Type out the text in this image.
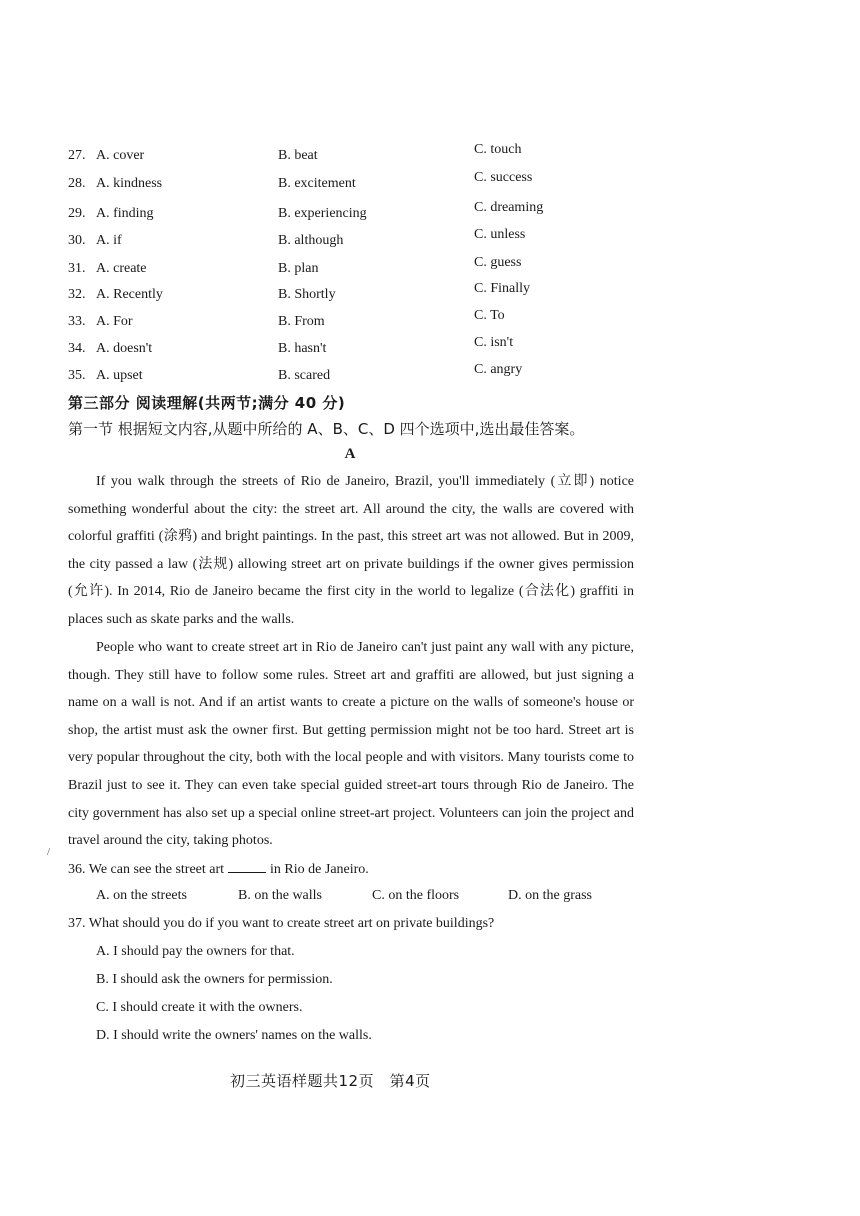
27. A. cover	B. beat	C. touch
28. A. kindness	B. excitement	C. success
29. A. finding	B. experiencing	C. dreaming
30. A. if	B. although	C. unless
31. A. create	B. plan	C. guess
32. A. Recently	B. Shortly	C. Finally
33. A. For	B. From	C. To
34. A. doesn't	B. hasn't	C. isn't
35. A. upset	B. scared	C. angry
第三部分 阅读理解(共两节;满分 40 分)
第一节 根据短文内容,从题中所给的 A、B、C、D 四个选项中,选出最佳答案。
A
If you walk through the streets of Rio de Janeiro, Brazil, you'll immediately (立即) notice something wonderful about the city: the street art. All around the city, the walls are covered with colorful graffiti (涂鸦) and bright paintings. In the past, this street art was not allowed. But in 2009, the city passed a law (法规) allowing street art on private buildings if the owner gives permission (允许). In 2014, Rio de Janeiro became the first city in the world to legalize (合法化) graffiti in places such as skate parks and the walls.
People who want to create street art in Rio de Janeiro can't just paint any wall with any picture, though. They still have to follow some rules. Street art and graffiti are allowed, but just signing a name on a wall is not. And if an artist wants to create a picture on the walls of someone's house or shop, the artist must ask the owner first. But getting permission might not be too hard. Street art is very popular throughout the city, both with the local people and with visitors. Many tourists come to Brazil just to see it. They can even take special guided street-art tours through Rio de Janeiro. The city government has also set up a special online street-art project. Volunteers can join the project and travel around the city, taking photos.
/
36. We can see the street art	in Rio de Janeiro.
A. on the streets	B. on the walls	C. on the floors	D. on the grass
37. What should you do if you want to create street art on private buildings?
A. I should pay the owners for that.
B. I should ask the owners for permission.
C. I should create it with the owners.
D. I should write the owners' names on the walls.
初三英语样题共12页　第4页
